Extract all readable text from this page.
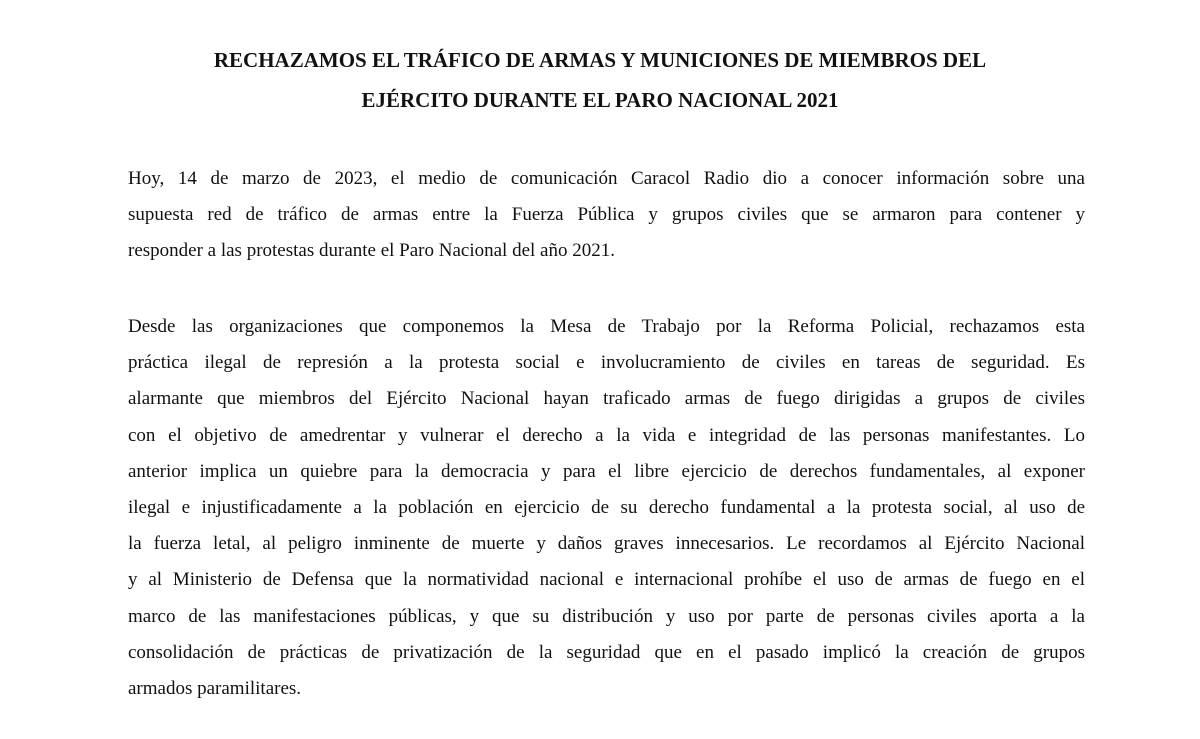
RECHAZAMOS EL TRÁFICO DE ARMAS Y MUNICIONES DE MIEMBROS DEL
EJÉRCITO DURANTE EL PARO NACIONAL 2021

Hoy, 14 de marzo de 2023, el medio de comunicación Caracol Radio dio a conocer información sobre una
supuesta red de tráfico de armas entre la Fuerza Pública y grupos civiles que se armaron para contener y
responder a las protestas durante el Paro Nacional del año 2021.

Desde las organizaciones que componemos la Mesa de Trabajo por la Reforma Policial, rechazamos esta
práctica ilegal de represión a la protesta social e involucramiento de civiles en tareas de seguridad. Es
alarmante que miembros del Ejército Nacional hayan traficado armas de fuego dirigidas a grupos de civiles
con el objetivo de amedrentar y vulnerar el derecho a la vida e integridad de las personas manifestantes. Lo
anterior implica un quiebre para la democracia y para el libre ejercicio de derechos fundamentales, al exponer
ilegal e injustificadamente a la población en ejercicio de su derecho fundamental a la protesta social, al uso de
la fuerza letal, al peligro inminente de muerte y daños graves innecesarios. Le recordamos al Ejército Nacional
y al Ministerio de Defensa que la normatividad nacional e internacional prohíbe el uso de armas de fuego en el
marco de las manifestaciones públicas, y que su distribución y uso por parte de personas civiles aporta a la
consolidación de prácticas de privatización de la seguridad que en el pasado implicó la creación de grupos
armados paramilitares.
